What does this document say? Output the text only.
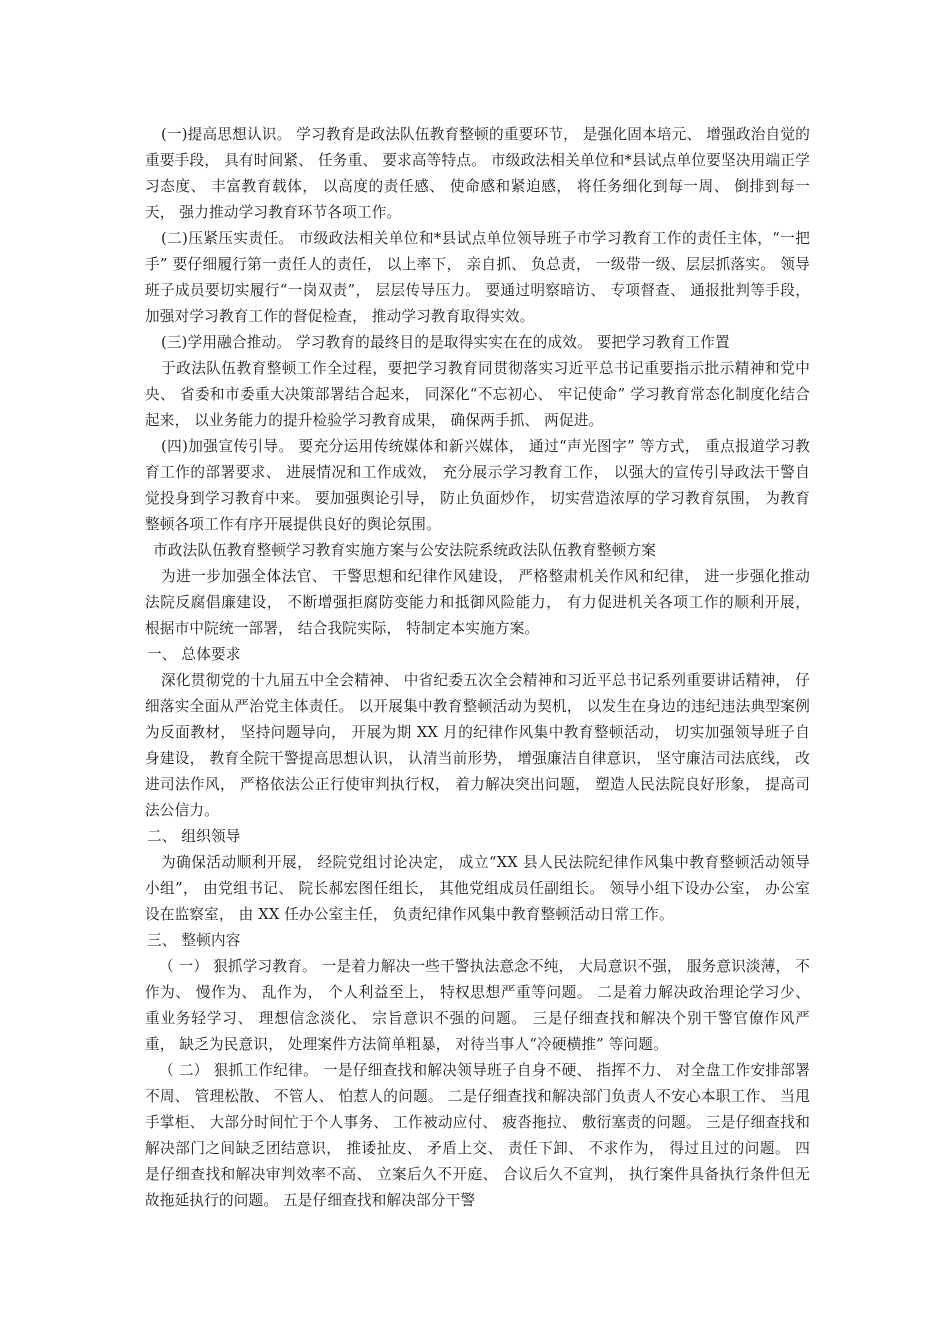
(一)提高思想认识。 学习教育是政法队伍教育整顿的重要环节， 是强化固本培元、 增强政治自觉的重要手段， 具有时间紧、 任务重、 要求高等特点。 市级政法相关单位和*县试点单位要坚决用端正学习态度、 丰富教育载体， 以高度的责任感、 使命感和紧迫感， 将任务细化到每一周、 倒排到每一天， 强力推动学习教育环节各项工作。

(二)压紧压实责任。 市级政法相关单位和*县试点单位领导班子市学习教育工作的责任主体，“一把手” 要仔细履行第一责任人的责任， 以上率下， 亲自抓、 负总责， 一级带一级、层层抓落实。 领导班子成员要切实履行“一岗双责”， 层层传导压力。 要通过明察暗访、 专项督查、 通报批判等手段， 加强对学习教育工作的督促检查， 推动学习教育取得实效。

(三)学用融合推动。 学习教育的最终目的是取得实实在在的成效。 要把学习教育工作置

于政法队伍教育整顿工作全过程，要把学习教育同贯彻落实习近平总书记重要指示批示精神和党中央、 省委和市委重大决策部署结合起来， 同深化“不忘初心、 牢记使命” 学习教育常态化制度化结合起来， 以业务能力的提升检验学习教育成果， 确保两手抓、 两促进。

(四)加强宣传引导。 要充分运用传统媒体和新兴媒体， 通过“声光图字” 等方式， 重点报道学习教育工作的部署要求、 进展情况和工作成效， 充分展示学习教育工作， 以强大的宣传引导政法干警自觉投身到学习教育中来。 要加强舆论引导， 防止负面炒作， 切实营造浓厚的学习教育氛围， 为教育整顿各项工作有序开展提供良好的舆论氛围。

市政法队伍教育整顿学习教育实施方案与公安法院系统政法队伍教育整顿方案

为进一步加强全体法官、 干警思想和纪律作风建设， 严格整肃机关作风和纪律， 进一步强化推动法院反腐倡廉建设， 不断增强拒腐防变能力和抵御风险能力， 有力促进机关各项工作的顺利开展， 根据市中院统一部署， 结合我院实际， 特制定本实施方案。

一、 总体要求

深化贯彻党的十九届五中全会精神、 中省纪委五次全会精神和习近平总书记系列重要讲话精神， 仔细落实全面从严治党主体责任。 以开展集中教育整顿活动为契机， 以发生在身边的违纪违法典型案例为反面教材， 坚持问题导向， 开展为期 XX 月的纪律作风集中教育整顿活动， 切实加强领导班子自身建设， 教育全院干警提高思想认识， 认清当前形势， 增强廉洁自律意识， 坚守廉洁司法底线， 改进司法作风， 严格依法公正行使审判执行权， 着力解决突出问题， 塑造人民法院良好形象， 提高司法公信力。

二、 组织领导

为确保活动顺利开展， 经院党组讨论决定， 成立“XX 县人民法院纪律作风集中教育整顿活动领导小组”， 由党组书记、 院长郝宏图任组长， 其他党组成员任副组长。 领导小组下设办公室， 办公室设在监察室， 由 XX 任办公室主任， 负责纪律作风集中教育整顿活动日常工作。

三、 整顿内容

（ 一） 狠抓学习教育。 一是着力解决一些干警执法意念不纯， 大局意识不强， 服务意识淡薄， 不作为、 慢作为、 乱作为， 个人利益至上， 特权思想严重等问题。 二是着力解决政治理论学习少、 重业务轻学习、 理想信念淡化、 宗旨意识不强的问题。 三是仔细查找和解决个别干警官僚作风严重， 缺乏为民意识， 处理案件方法简单粗暴， 对待当事人“冷硬横推” 等问题。

（ 二） 狠抓工作纪律。 一是仔细查找和解决领导班子自身不硬、 指挥不力、 对全盘工作安排部署不周、 管理松散、 不管人、 怕惹人的问题。 二是仔细查找和解决部门负责人不安心本职工作、 当甩手掌柜、 大部分时间忙于个人事务、 工作被动应付、 疲沓拖拉、 敷衍塞责的问题。 三是仔细查找和解决部门之间缺乏团结意识， 推诿扯皮、 矛盾上交、 责任下卸、 不求作为， 得过且过的问题。 四是仔细查找和解决审判效率不高、 立案后久不开庭、 合议后久不宣判， 执行案件具备执行条件但无故拖延执行的问题。 五是仔细查找和解决部分干警
